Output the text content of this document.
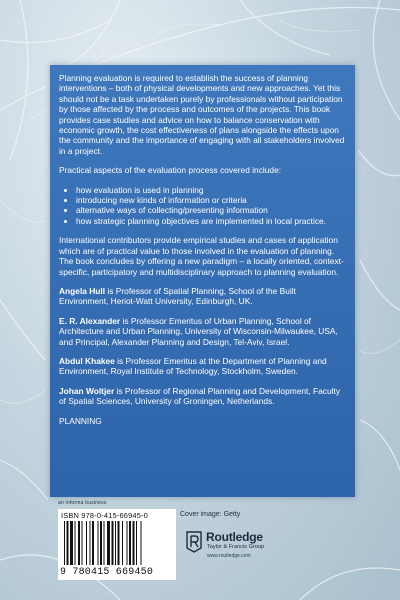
Planning evaluation is required to establish the success of planning interventions – both of physical developments and new approaches. Yet this should not be a task undertaken purely by professionals without participation by those affected by the process and outcomes of the projects. This book provides case studies and advice on how to balance conservation with economic growth, the cost effectiveness of plans alongside the effects upon the community and the importance of engaging with all stakeholders involved in a project.

Practical aspects of the evaluation process covered include:

• how evaluation is used in planning
• introducing new kinds of information or criteria
• alternative ways of collecting/presenting information
• how strategic planning objectives are implemented in local practice.

International contributors provide empirical studies and cases of application which are of practical value to those involved in the evaluation of planning. The book concludes by offering a new paradigm – a locally oriented, context-specific, participatory and multidisciplinary approach to planning evaluation.

Angela Hull is Professor of Spatial Planning, School of the Built Environment, Heriot-Watt University, Edinburgh, UK.

E. R. Alexander is Professor Emeritus of Urban Planning, School of Architecture and Urban Planning, University of Wisconsin-Milwaukee, USA, and Principal, Alexander Planning and Design, Tel-Aviv, Israel.

Abdul Khakee is Professor Emeritus at the Department of Planning and Environment, Royal Institute of Technology, Stockholm, Sweden.

Johan Woltjer is Professor of Regional Planning and Development, Faculty of Spatial Sciences, University of Groningen, Netherlands.

PLANNING

an informa business
ISBN 978-0-415-66945-0
9 780415 669450
Cover image: Getty
Routledge
Taylor & Francis Group
www.routledge.com
